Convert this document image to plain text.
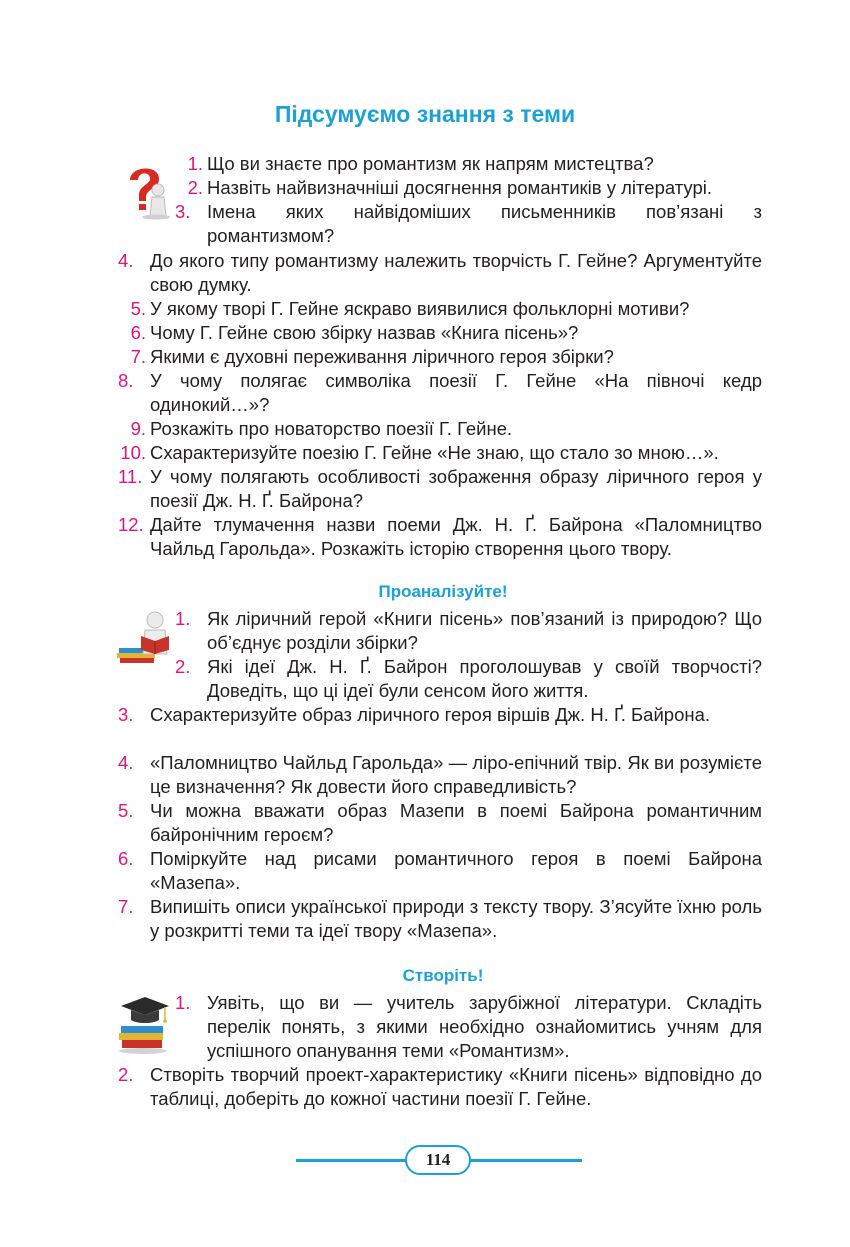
Підсумуємо знання з теми

1. Що ви знаєте про романтизм як напрям мистецтва?

2. Назвіть найвизначніші досягнення романтиків у літературі.

3. Імена яких найвідоміших письменників пов’язані з романтизмом?

4. До якого типу романтизму належить творчість Г. Гейне? Аргументуйте свою думку.

5. У якому творі Г. Гейне яскраво виявилися фольклорні мотиви?

6. Чому Г. Гейне свою збірку назвав «Книга пісень»?

7. Якими є духовні переживання ліричного героя збірки?

8. У чому полягає символіка поезії Г. Гейне «На півночі кедр одинокий…»?

9. Розкажіть про новаторство поезії Г. Гейне.

10. Схарактеризуйте поезію Г. Гейне «Не знаю, що стало зо мною…».

11. У чому полягають особливості зображення образу ліричного героя у поезії Дж. Н. Ґ. Байрона?

12. Дайте тлумачення назви поеми Дж. Н. Ґ. Байрона «Паломництво Чайльд Гарольда». Розкажіть історію створення цього твору.

Проаналізуйте!

1. Як ліричний герой «Книги пісень» пов’язаний із природою? Що об’єднує розділи збірки?

2. Які ідеї Дж. Н. Ґ. Байрон проголошував у своїй творчості? Доведіть, що ці ідеї були сенсом його життя.

3. Схарактеризуйте образ ліричного героя віршів Дж. Н. Ґ. Байрона.

4. «Паломництво Чайльд Гарольда» — ліро-епічний твір. Як ви розумієте це визначення? Як довести його справедливість?

5. Чи можна вважати образ Мазепи в поемі Байрона романтичним байронічним героєм?

6. Поміркуйте над рисами романтичного героя в поемі Байрона «Мазепа».

7. Випишіть описи української природи з тексту твору. З’ясуйте їхню роль у розкритті теми та ідеї твору «Мазепа».

Створіть!

1. Уявіть, що ви — учитель зарубіжної літератури. Складіть перелік понять, з якими необхідно ознайомитись учням для успішного опанування теми «Романтизм».

2. Створіть творчий проект-характеристику «Книги пісень» відповідно до таблиці, доберіть до кожної частини поезії Г. Гейне.

114
